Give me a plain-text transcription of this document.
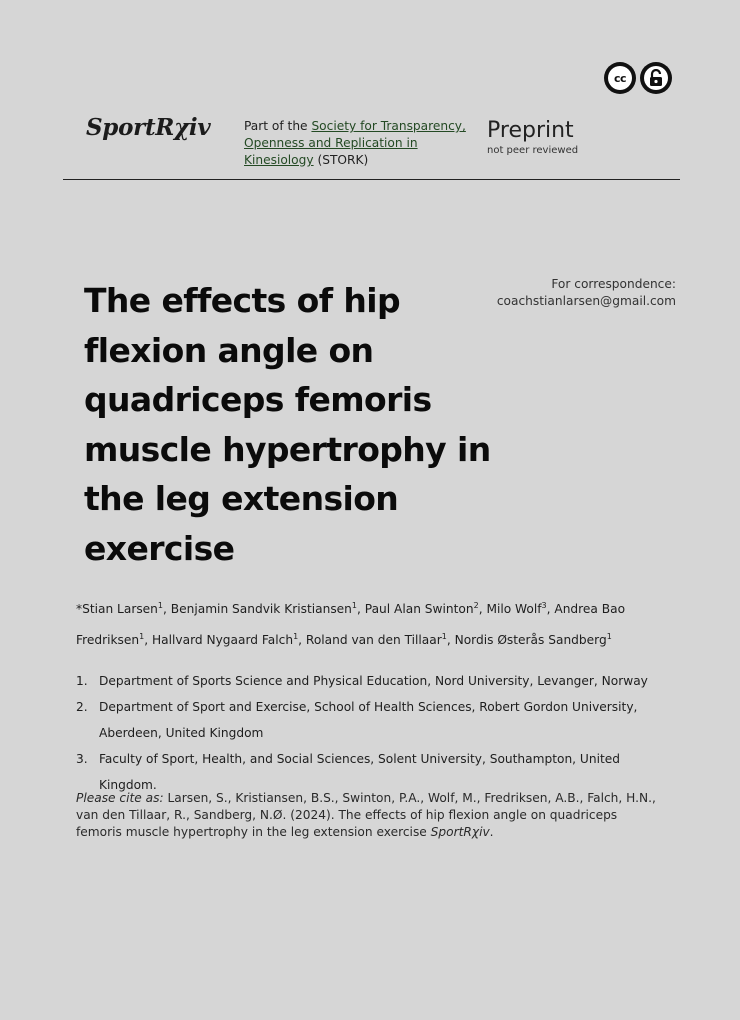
cc
SportRχiv	Part of the Society for Transparency, Openness and Replication in Kinesiology (STORK)
Preprint
not peer reviewed
The effects of hip flexion angle on quadriceps femoris muscle hypertrophy in the leg extension exercise
For correspondence:
coachstianlarsen@gmail.com
*Stian Larsen$^1$, Benjamin Sandvik Kristiansen$^1$, Paul Alan Swinton$^2$, Milo Wolf$^3$, Andrea Bao Fredriksen$^1$, Hallvard Nygaard Falch$^1$, Roland van den Tillaar$^1$, Nordis Østerås Sandberg$^1$
1. Department of Sports Science and Physical Education, Nord University, Levanger, Norway
2. Department of Sport and Exercise, School of Health Sciences, Robert Gordon University, Aberdeen, United Kingdom
3. Faculty of Sport, Health, and Social Sciences, Solent University, Southampton, United Kingdom.
Please cite as: Larsen, S., Kristiansen, B.S., Swinton, P.A., Wolf, M., Fredriksen, A.B., Falch, H.N., van den Tillaar, R., Sandberg, N.Ø. (2024). The effects of hip flexion angle on quadriceps femoris muscle hypertrophy in the leg extension exercise SportRχiv.
